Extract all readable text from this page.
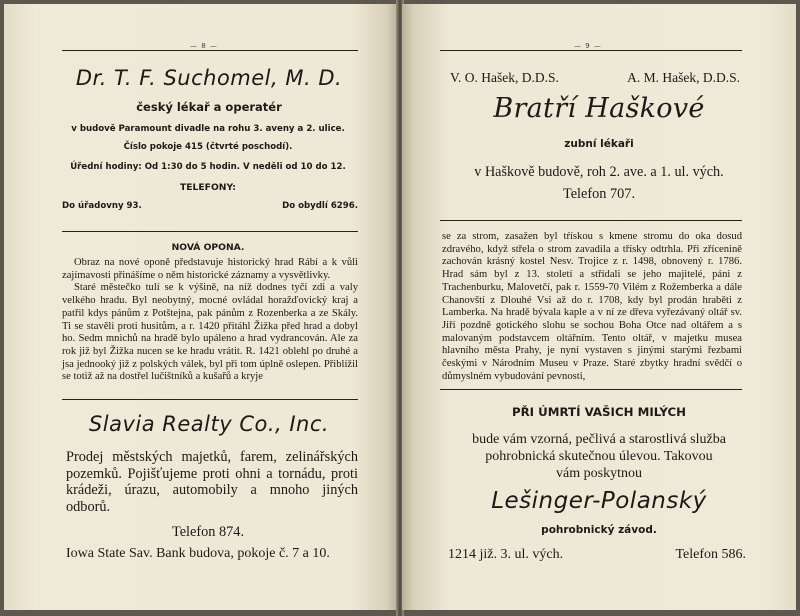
— 8 —
Dr. T. F. Suchomel, M. D.
český lékař a operatér
v budově Paramount divadle na rohu 3. aveny a 2. ulice.
Číslo pokoje 415 (čtvrté poschodí).
Úřední hodiny: Od 1:30 do 5 hodin. V neděli od 10 do 12.
TELEFONY:
Do úřadovny 93.	Do obydlí 6296.
NOVÁ OPONA.

Obraz na nové oponě představuje historický hrad Rábí a k vůli zajímavosti přinášíme o něm historické záznamy a vysvětlivky.

Staré městečko tulí se k výšině, na níž dodnes tyčí zdi a valy velkého hradu. Byl neobytný, mocné ovládal horažďovický kraj a patřil kdys pánům z Potštejna, pak pánům z Rozenberka a ze Skály. Ti se stavěli proti husitům, a r. 1420 přitáhl Žižka před hrad a dobyl ho. Sedm mnichů na hradě bylo upáleno a hrad vydrancován. Ale za rok již byl Žižka nucen se ke hradu vrátit. R. 1421 oblehl po druhé a jsa jednooký již z polských válek, byl při tom úplně oslepen. Přiblížil se totiž až na dostřel lučištníků a kušařů a kryje

Slavia Realty Co., Inc.
Prodej městských majetků, farem, zelinářských pozemků. Pojišťujeme proti ohni a tornádu, proti krádeži, úrazu, automobily a mnoho jiných odborů.
Telefon 874.
Iowa State Sav. Bank budova, pokoje č. 7 a 10.
— 9 —
V. O. Hašek, D.D.S.	A. M. Hašek, D.D.S.
Bratří Haškové
zubní lékaři
v Haškově budově, roh 2. ave. a 1. ul. vých.
Telefon 707.
se za strom, zasažen byl tŕískou s kmene stromu do oka dosud zdravého, když střela o strom zavadila a třísky odtrhla. Při zřícenině zachován krásný kostel Nesv. Trojice z r. 1498, obnovený r. 1786. Hrad sám byl z 13. století a střídali se jeho majitelé, páni z Trachenburku, Malovetčí, pak r. 1559-70 Vilém z Rožemberka a dále Chanovští z Dlouhé Vsi až do r. 1708, kdy byl prodán hraběti z Lamberka. Na hradě bývala kaple a v ní ze dřeva vyřezávaný oltář sv. Jiří pozdně gotického slohu se sochou Boha Otce nad oltářem a s malovaným podstavcem oltářním. Tento oltář, v majetku musea hlavního města Prahy, je nyní vystaven s jinými starými řezbami českými v Národním Museu v Praze. Staré zbytky hradní svědčí o důmyslném vybudování pevnosti,
PŘI ÚMRTÍ VAŠICH MILÝCH
bude vám vzorná, pečlivá a starostlivá služba
pohrobnická skutečnou úlevou. Takovou
vám poskytnou
Lešinger-Polanský
pohrobnický závod.
1214 již. 3. ul. vých.	Telefon 586.
